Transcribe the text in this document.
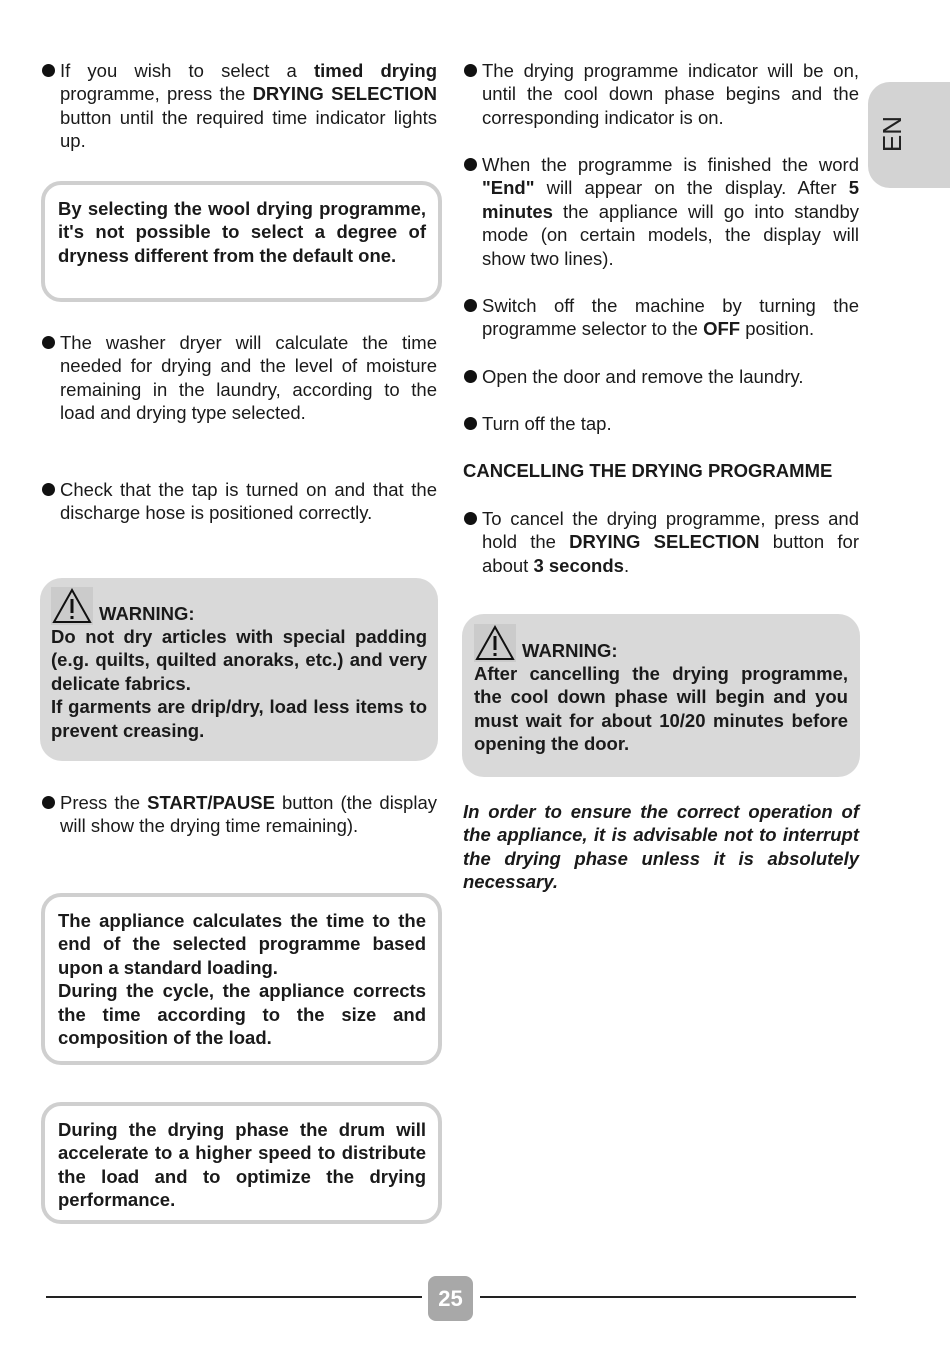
If you wish to select a timed drying programme, press the DRYING SELECTION button until the required time indicator lights up.
By selecting the wool drying programme, it's not possible to select a degree of dryness different from the default one.
The washer dryer will calculate the time needed for drying and the level of moisture remaining in the laundry, according to the load and drying type selected.
Check that the tap is turned on and that the discharge hose is positioned correctly.
WARNING:
Do not dry articles with special padding (e.g. quilts, quilted anoraks, etc.) and very delicate fabrics.
If garments are drip/dry, load less items to prevent creasing.
Press the START/PAUSE button (the display will show the drying time remaining).
The appliance calculates the time to the end of the selected programme based upon a standard loading.
During the cycle, the appliance corrects the time according to the size and composition of the load.
During the drying phase the drum will accelerate to a higher speed to distribute the load and to optimize the drying performance.
The drying programme indicator will be on, until the cool down phase begins and the corresponding indicator is on.
When the programme is finished the word "End" will appear on the display. After 5 minutes the appliance will go into standby mode (on certain models, the display will show two lines).
Switch off the machine by turning the programme selector to the OFF position.
Open the door and remove the laundry.
Turn off the tap.
CANCELLING THE DRYING PROGRAMME
To cancel the drying programme, press and hold the DRYING SELECTION button for about 3 seconds.
WARNING:
After cancelling the drying programme, the cool down phase will begin and you must wait for about 10/20 minutes before opening the door.
In order to ensure the correct operation of the appliance, it is advisable not to interrupt the drying phase unless it is absolutely necessary.
EN
25
